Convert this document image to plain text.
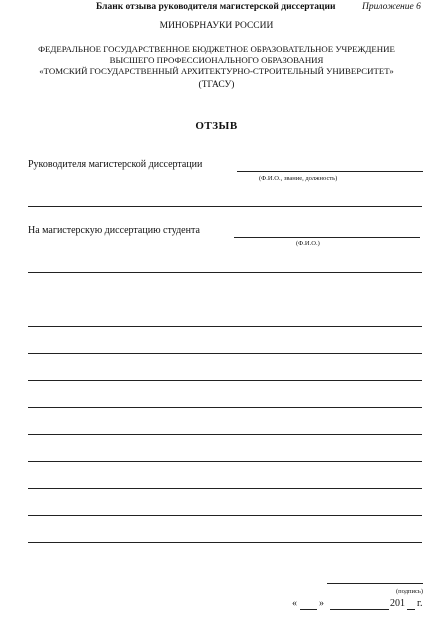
Бланк отзыва руководителя магистерской диссертации	Приложение 6
МИНОБРНАУКИ РОССИИ
ФЕДЕРАЛЬНОЕ ГОСУДАРСТВЕННОЕ БЮДЖЕТНОЕ ОБРАЗОВАТЕЛЬНОЕ УЧРЕЖДЕНИЕ
ВЫСШЕГО ПРОФЕССИОНАЛЬНОГО ОБРАЗОВАНИЯ
«ТОМСКИЙ ГОСУДАРСТВЕННЫЙ АРХИТЕКТУРНО-СТРОИТЕЛЬНЫЙ УНИВЕРСИТЕТ»
(ТГАСУ)
ОТЗЫВ
Руководителя магистерской диссертации
(Ф.И.О., звание, должность)
На магистерскую диссертацию студента
(Ф.И.О.)
(подпись)
« »	201 г.
